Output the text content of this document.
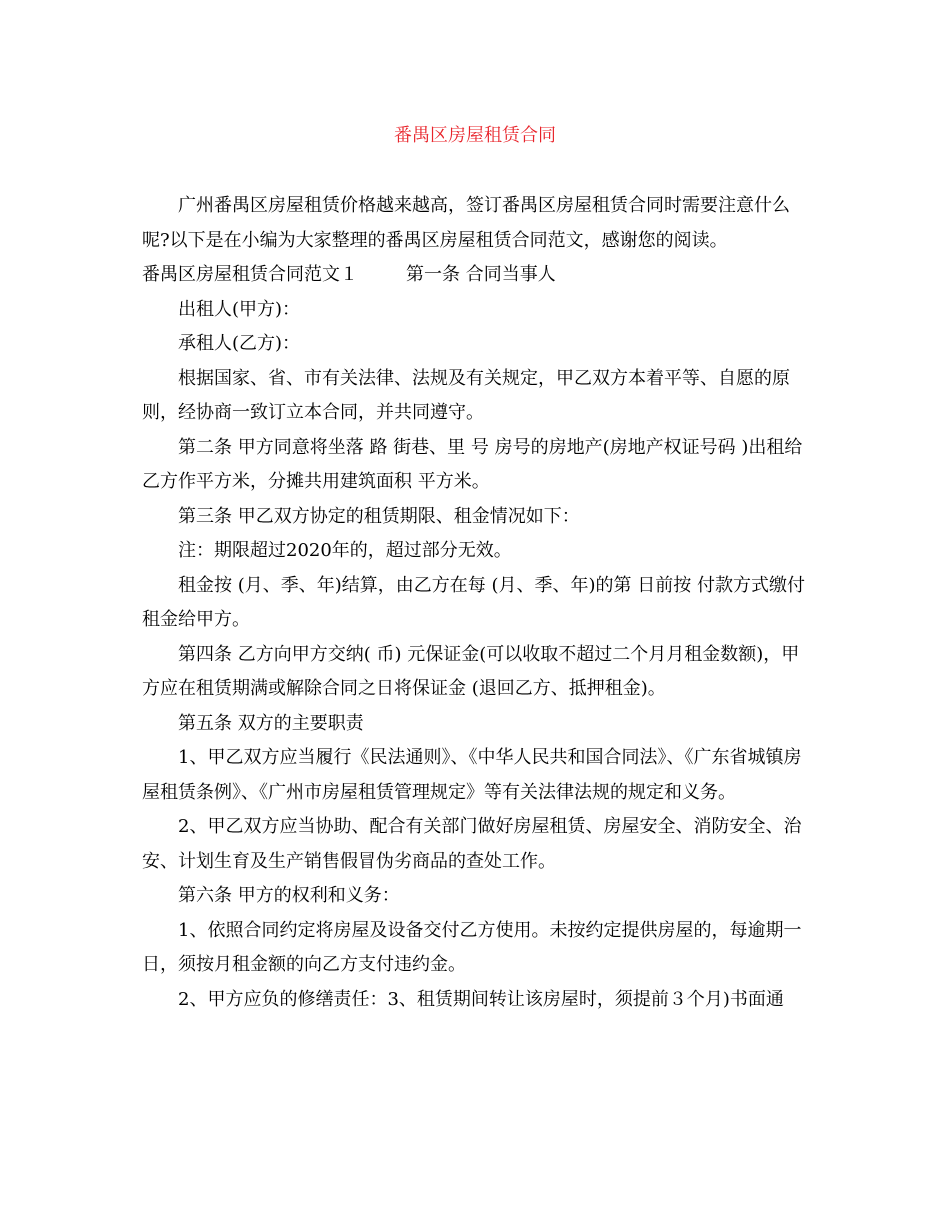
番禺区房屋租赁合同

广州番禺区房屋租赁价格越来越高，签订番禺区房屋租赁合同时需要注意什么呢?以下是在小编为大家整理的番禺区房屋租赁合同范文，感谢您的阅读。

番禺区房屋租赁合同范文１	第一条 合同当事人

出租人(甲方)：

承租人(乙方)：

根据国家、省、市有关法律、法规及有关规定，甲乙双方本着平等、自愿的原则，经协商一致订立本合同，并共同遵守。

第二条 甲方同意将坐落 路 街巷、里 号 房号的房地产(房地产权证号码 )出租给乙方作平方米，分摊共用建筑面积 平方米。

第三条 甲乙双方协定的租赁期限、租金情况如下：

注：期限超过2020年的，超过部分无效。

租金按 (月、季、年)结算，由乙方在每 (月、季、年)的第 日前按 付款方式缴付租金给甲方。

第四条 乙方向甲方交纳( 币) 元保证金(可以收取不超过二个月月租金数额)，甲方应在租赁期满或解除合同之日将保证金 (退回乙方、抵押租金)。

第五条 双方的主要职责

1、甲乙双方应当履行《民法通则》、《中华人民共和国合同法》、《广东省城镇房屋租赁条例》、《广州市房屋租赁管理规定》等有关法律法规的规定和义务。

2、甲乙双方应当协助、配合有关部门做好房屋租赁、房屋安全、消防安全、治安、计划生育及生产销售假冒伪劣商品的查处工作。

第六条 甲方的权利和义务：

1、依照合同约定将房屋及设备交付乙方使用。未按约定提供房屋的，每逾期一日，须按月租金额的向乙方支付违约金。

2、甲方应负的修缮责任：3、租赁期间转让该房屋时，须提前３个月)书面通
